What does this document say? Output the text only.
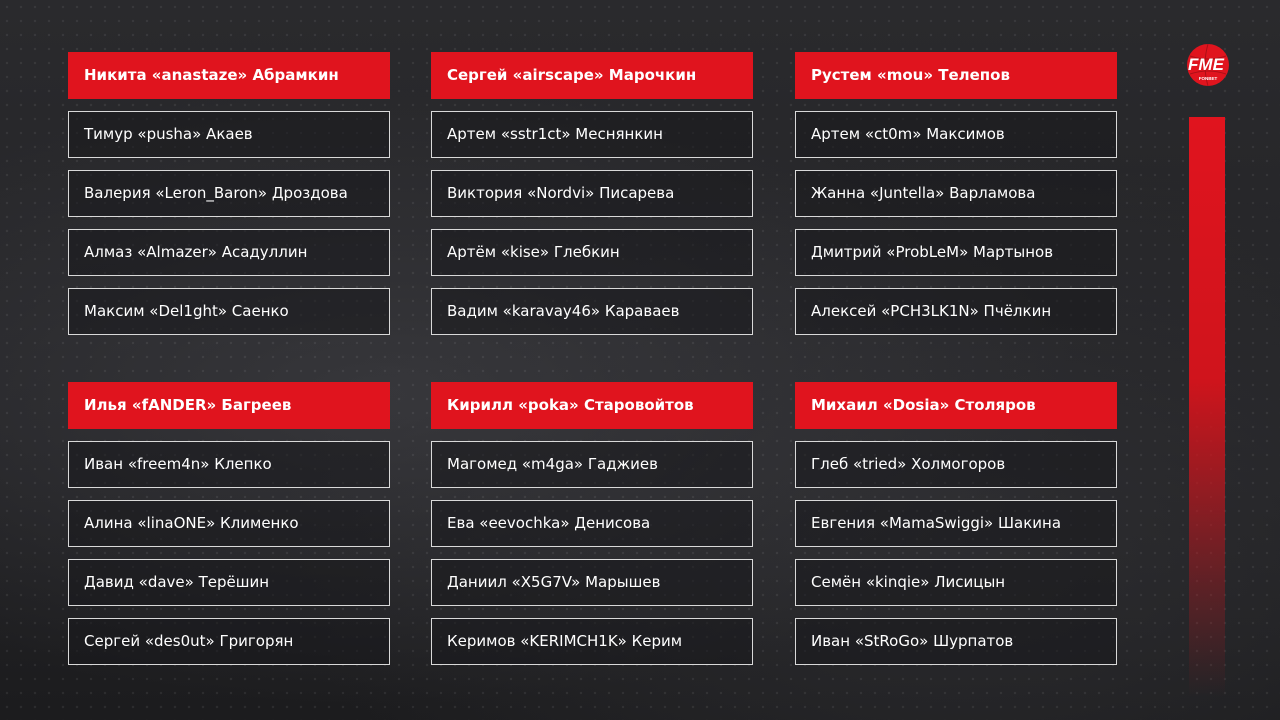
Никита «anastaze» Абрамкин
Тимур «pusha» Акаев
Валерия «Leron_Baron» Дроздова
Алмаз «Almazer» Асадуллин
Максим «Del1ght» Саенко
Сергей «airscape» Марочкин
Артем «sstr1ct» Меснянкин
Виктория «Nordvi» Писарева
Артём «kise» Глебкин
Вадим «karavay46» Караваев
Рустем «mou» Телепов
Артем «ct0m» Максимов
Жанна «Juntella» Варламова
Дмитрий «ProbLeM» Мартынов
Алексей «PCH3LK1N» Пчёлкин
Илья «fANDER» Багреев
Иван «freem4n» Клепко
Алина «linaONE» Клименко
Давид «dave» Терёшин
Сергей «des0ut» Григорян
Кирилл «poka» Старовойтов
Магомед «m4ga» Гаджиев
Ева «eevochka» Денисова
Даниил «X5G7V» Марышев
Керимов «KERIMCH1K» Керим
Михаил «Dosia» Столяров
Глеб «tried» Холмогоров
Евгения «MamaSwiggi» Шакина
Семён «kinqie» Лисицын
Иван «StRoGo» Шурпатов
FME
FONBET
